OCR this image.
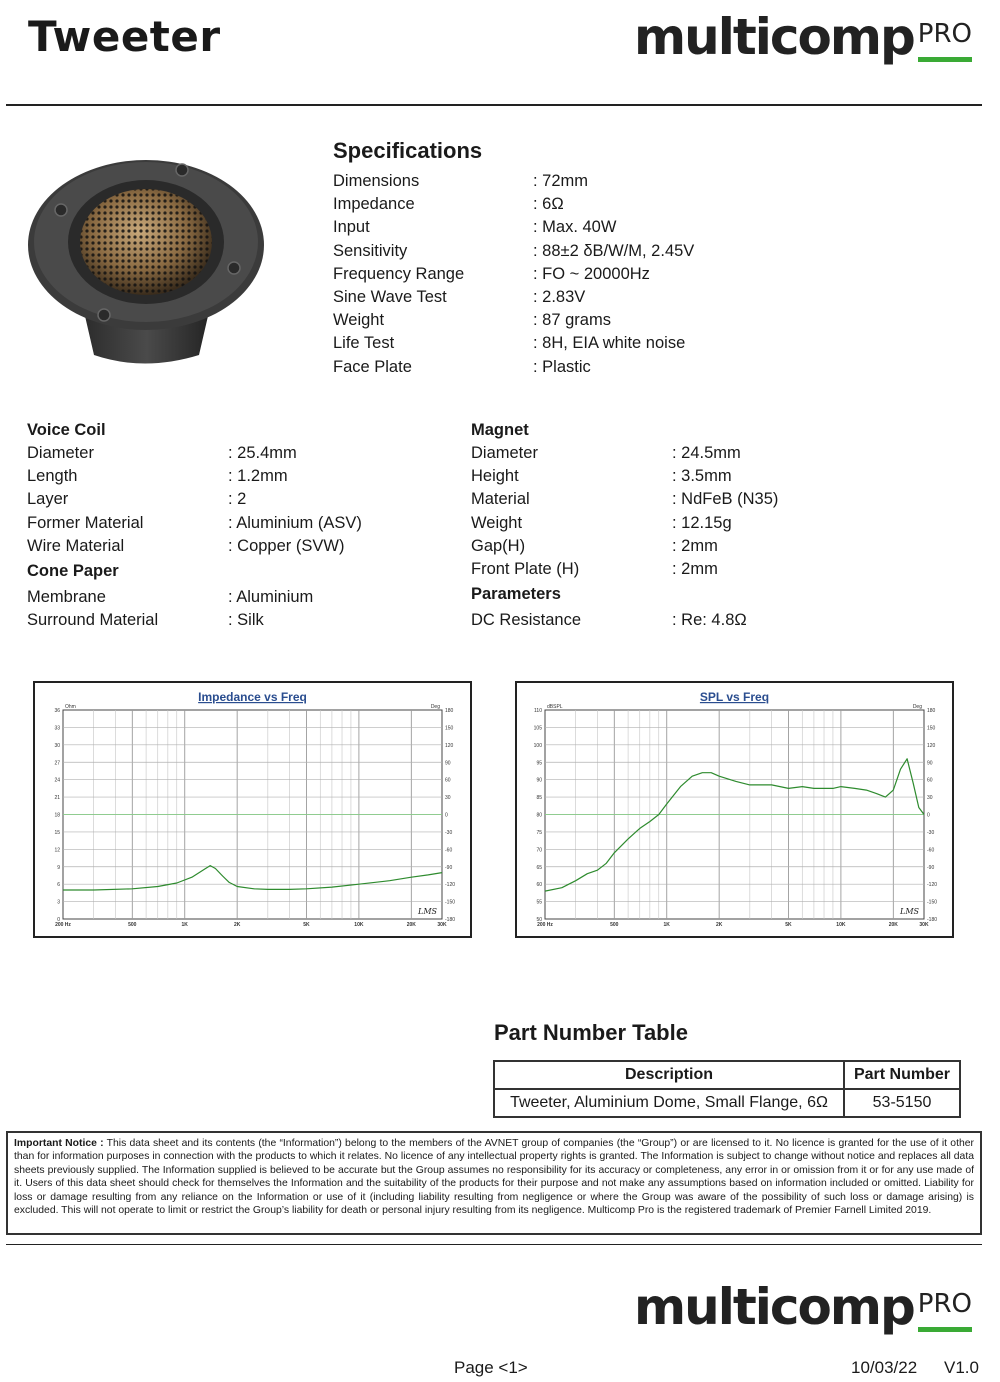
Tweeter	multicomp PRO
Specifications
Dimensions	: 72mm
Impedance	: 6Ω
Input	: Max. 40W
Sensitivity	: 88±2 δB/W/M, 2.45V
Frequency Range	: FO ~ 20000Hz
Sine Wave Test	: 2.83V
Weight	: 87 grams
Life Test	: 8H, EIA white noise
Face Plate	: Plastic
Voice Coil
Diameter	: 25.4mm
Length	: 1.2mm
Layer	: 2
Former Material	: Aluminium (ASV)
Wire Material	: Copper (SVW)
Cone Paper
Membrane	: Aluminium
Surround Material	: Silk
Magnet
Diameter	: 24.5mm
Height	: 3.5mm
Material	: NdFeB (N35)
Weight	: 12.15g
Gap(H)	: 2mm
Front Plate (H)	: 2mm
Parameters
DC Resistance	: Re: 4.8Ω
Impedance vs Freq
Ohm	Deg
36
33
30
27
24
21
18
15
12
9
6
3
0
180
150
120
90
60
30
0
-30
-60
-90
-120
-150
-180
200 Hz	500	1K	2K	5K	10K	20K	30K
LMS
SPL vs Freq
dBSPL	Deg
110
105
100
95
90
85
80
75
70
65
60
55
50
180
150
120
90
60
30
0
-30
-60
-90
-120
-150
-180
200 Hz	500	1K	2K	5K	10K	20K	30K
LMS
Part Number Table
Description	Part Number
Tweeter, Aluminium Dome, Small Flange, 6Ω	53-5150
Important Notice : This data sheet and its contents (the “Information”) belong to the members of the AVNET group of companies (the “Group”) or are licensed to it. No licence is granted for the use of it other than for information purposes in connection with the products to which it relates. No licence of any intellectual property rights is granted. The Information is subject to change without notice and replaces all data sheets previously supplied. The Information supplied is believed to be accurate but the Group assumes no responsibility for its accuracy or completeness, any error in or omission from it or for any use made of it. Users of this data sheet should check for themselves the Information and the suitability of the products for their purpose and not make any assumptions based on information included or omitted. Liability for loss or damage resulting from any reliance on the Information or use of it (including liability resulting from negligence or where the Group was aware of the possibility of such loss or damage arising) is excluded. This will not operate to limit or restrict the Group’s liability for death or personal injury resulting from its negligence. Multicomp Pro is the registered trademark of Premier Farnell Limited 2019.
multicomp PRO
Page <1>	10/03/22 V1.0
